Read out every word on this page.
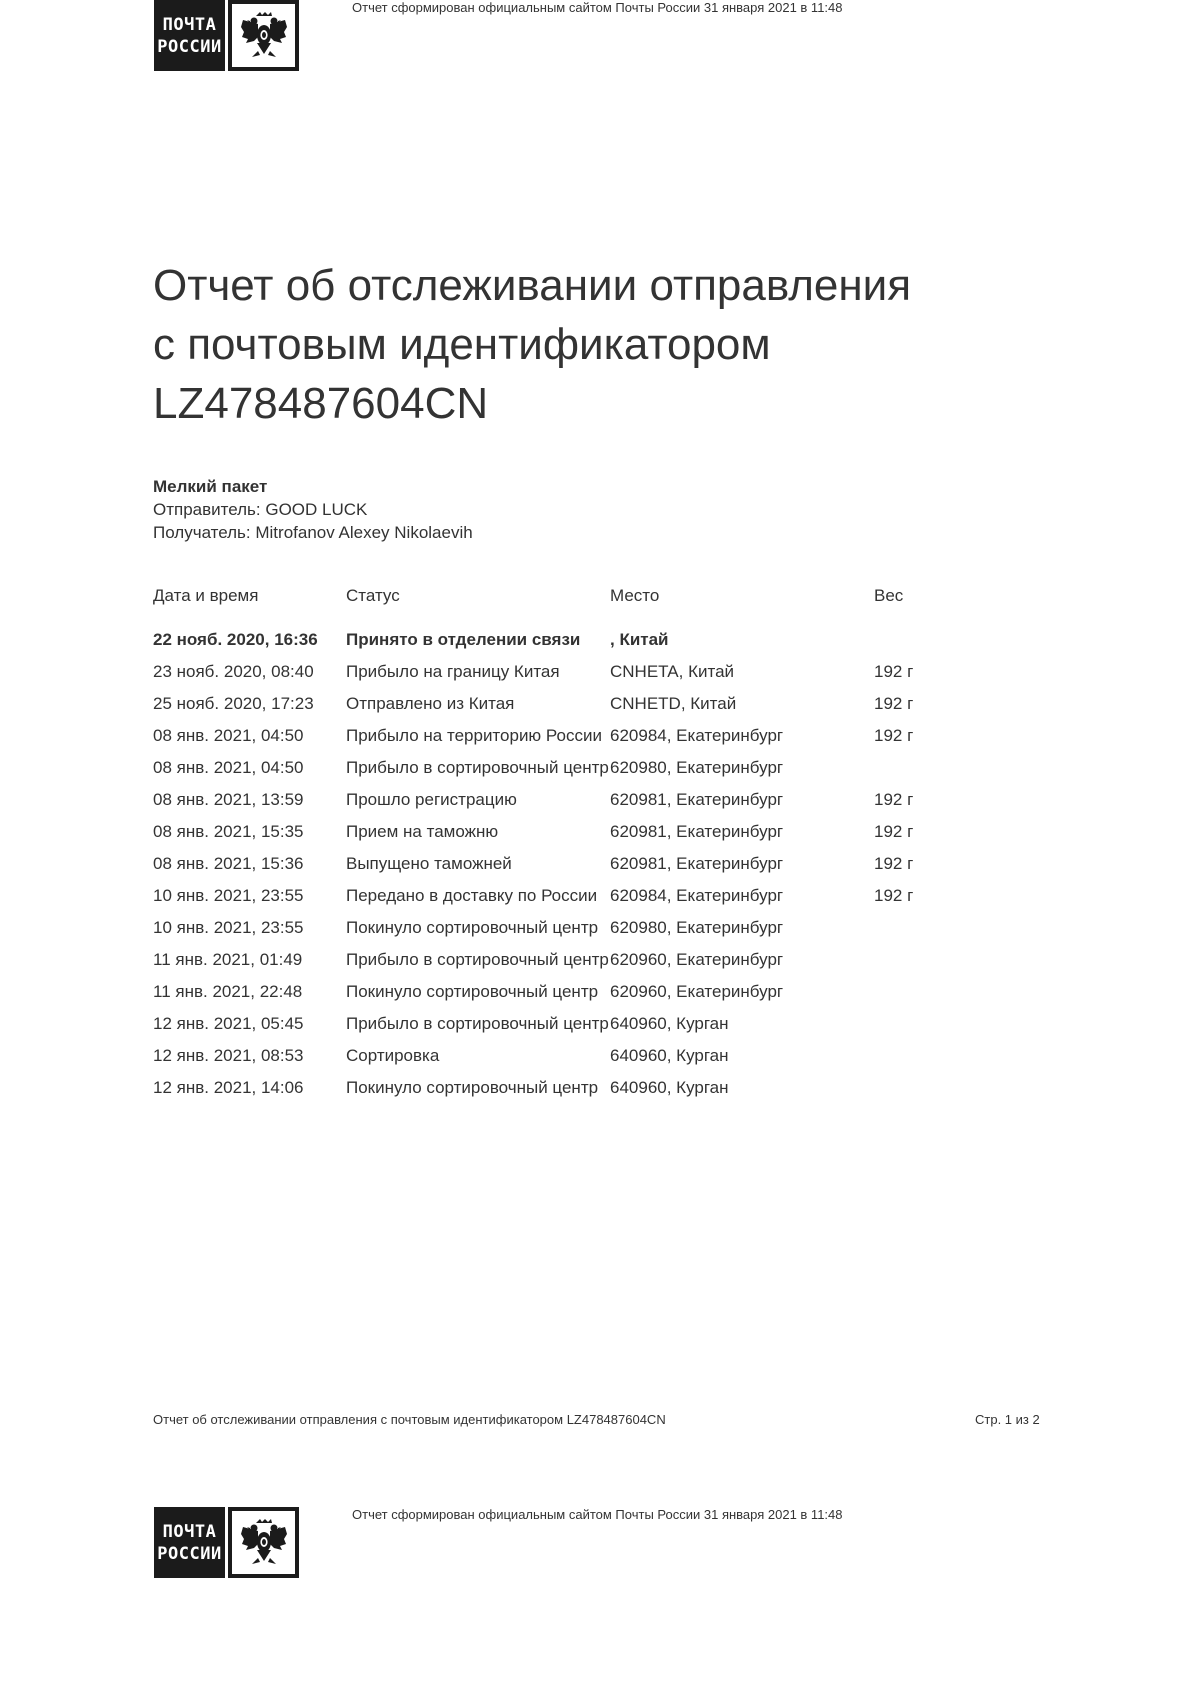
ПОЧТА
РОССИИ
Отчет сформирован официальным сайтом Почты России 31 января 2021 в 11:48
Отчет об отслеживании отправления
с почтовым идентификатором
LZ478487604CN
Мелкий пакет
Отправитель: GOOD LUCK
Получатель: Mitrofanov Alexey Nikolaevih
Дата и время	Статус	Место	Вес
22 нояб. 2020, 16:36	Принято в отделении связи	, Китай	
23 нояб. 2020, 08:40	Прибыло на границу Китая	CNHETA, Китай	192 г
25 нояб. 2020, 17:23	Отправлено из Китая	CNHETD, Китай	192 г
08 янв. 2021, 04:50	Прибыло на территорию России	620984, Екатеринбург	192 г
08 янв. 2021, 04:50	Прибыло в сортировочный центр	620980, Екатеринбург	
08 янв. 2021, 13:59	Прошло регистрацию	620981, Екатеринбург	192 г
08 янв. 2021, 15:35	Прием на таможню	620981, Екатеринбург	192 г
08 янв. 2021, 15:36	Выпущено таможней	620981, Екатеринбург	192 г
10 янв. 2021, 23:55	Передано в доставку по России	620984, Екатеринбург	192 г
10 янв. 2021, 23:55	Покинуло сортировочный центр	620980, Екатеринбург	
11 янв. 2021, 01:49	Прибыло в сортировочный центр	620960, Екатеринбург	
11 янв. 2021, 22:48	Покинуло сортировочный центр	620960, Екатеринбург	
12 янв. 2021, 05:45	Прибыло в сортировочный центр	640960, Курган	
12 янв. 2021, 08:53	Сортировка	640960, Курган	
12 янв. 2021, 14:06	Покинуло сортировочный центр	640960, Курган	
Отчет об отслеживании отправления с почтовым идентификатором LZ478487604CN	Стр. 1 из 2
ПОЧТА
РОССИИ
Отчет сформирован официальным сайтом Почты России 31 января 2021 в 11:48
